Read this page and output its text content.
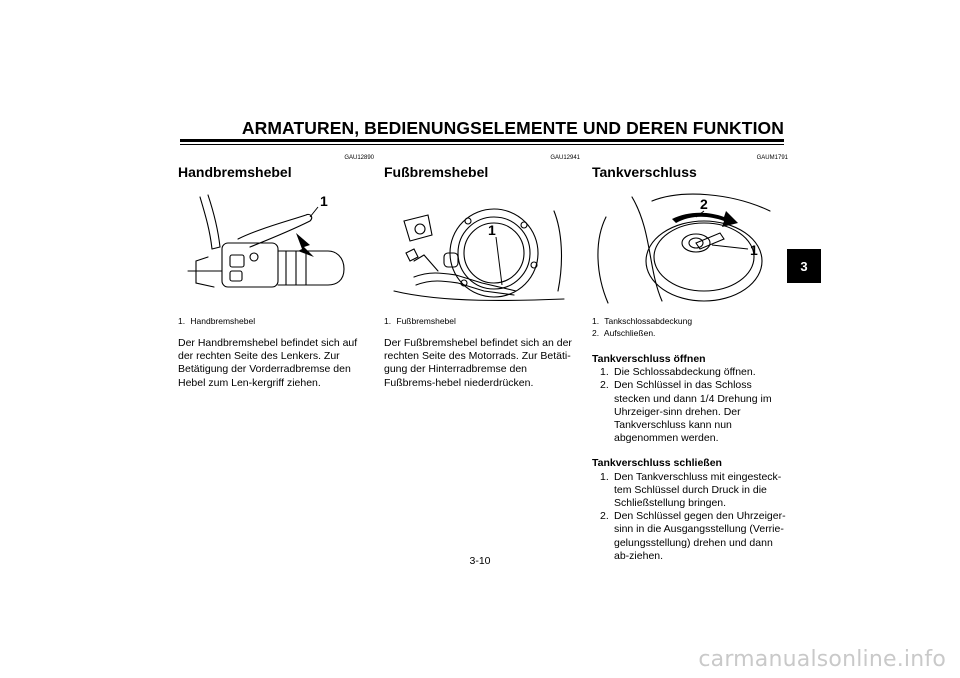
ARMATUREN, BEDIENUNGSELEMENTE UND DEREN FUNKTION
3
GAU12890
Handbremshebel
1
1. Handbremshebel
Der Handbremshebel befindet sich auf der rechten Seite des Lenkers. Zur Betätigung der Vorderradbremse den Hebel zum Len-kergriff ziehen.
GAU12941
Fußbremshebel
1
1. Fußbremshebel
Der Fußbremshebel befindet sich an der rechten Seite des Motorrads. Zur Betäti-gung der Hinterradbremse den Fußbrems-hebel niederdrücken.
GAUM1791
Tankverschluss
2
1
1. Tankschlossabdeckung
2. Aufschließen.
Tankverschluss öffnen
1. Die Schlossabdeckung öffnen.
2. Den Schlüssel in das Schloss stecken und dann 1/4 Drehung im Uhrzeiger-sinn drehen. Der Tankverschluss kann nun abgenommen werden.
Tankverschluss schließen
1. Den Tankverschluss mit eingesteck-tem Schlüssel durch Druck in die Schließstellung bringen.
2. Den Schlüssel gegen den Uhrzeiger-sinn in die Ausgangsstellung (Verrie-gelungsstellung) drehen und dann ab-ziehen.
3-10
carmanualsonline.info
